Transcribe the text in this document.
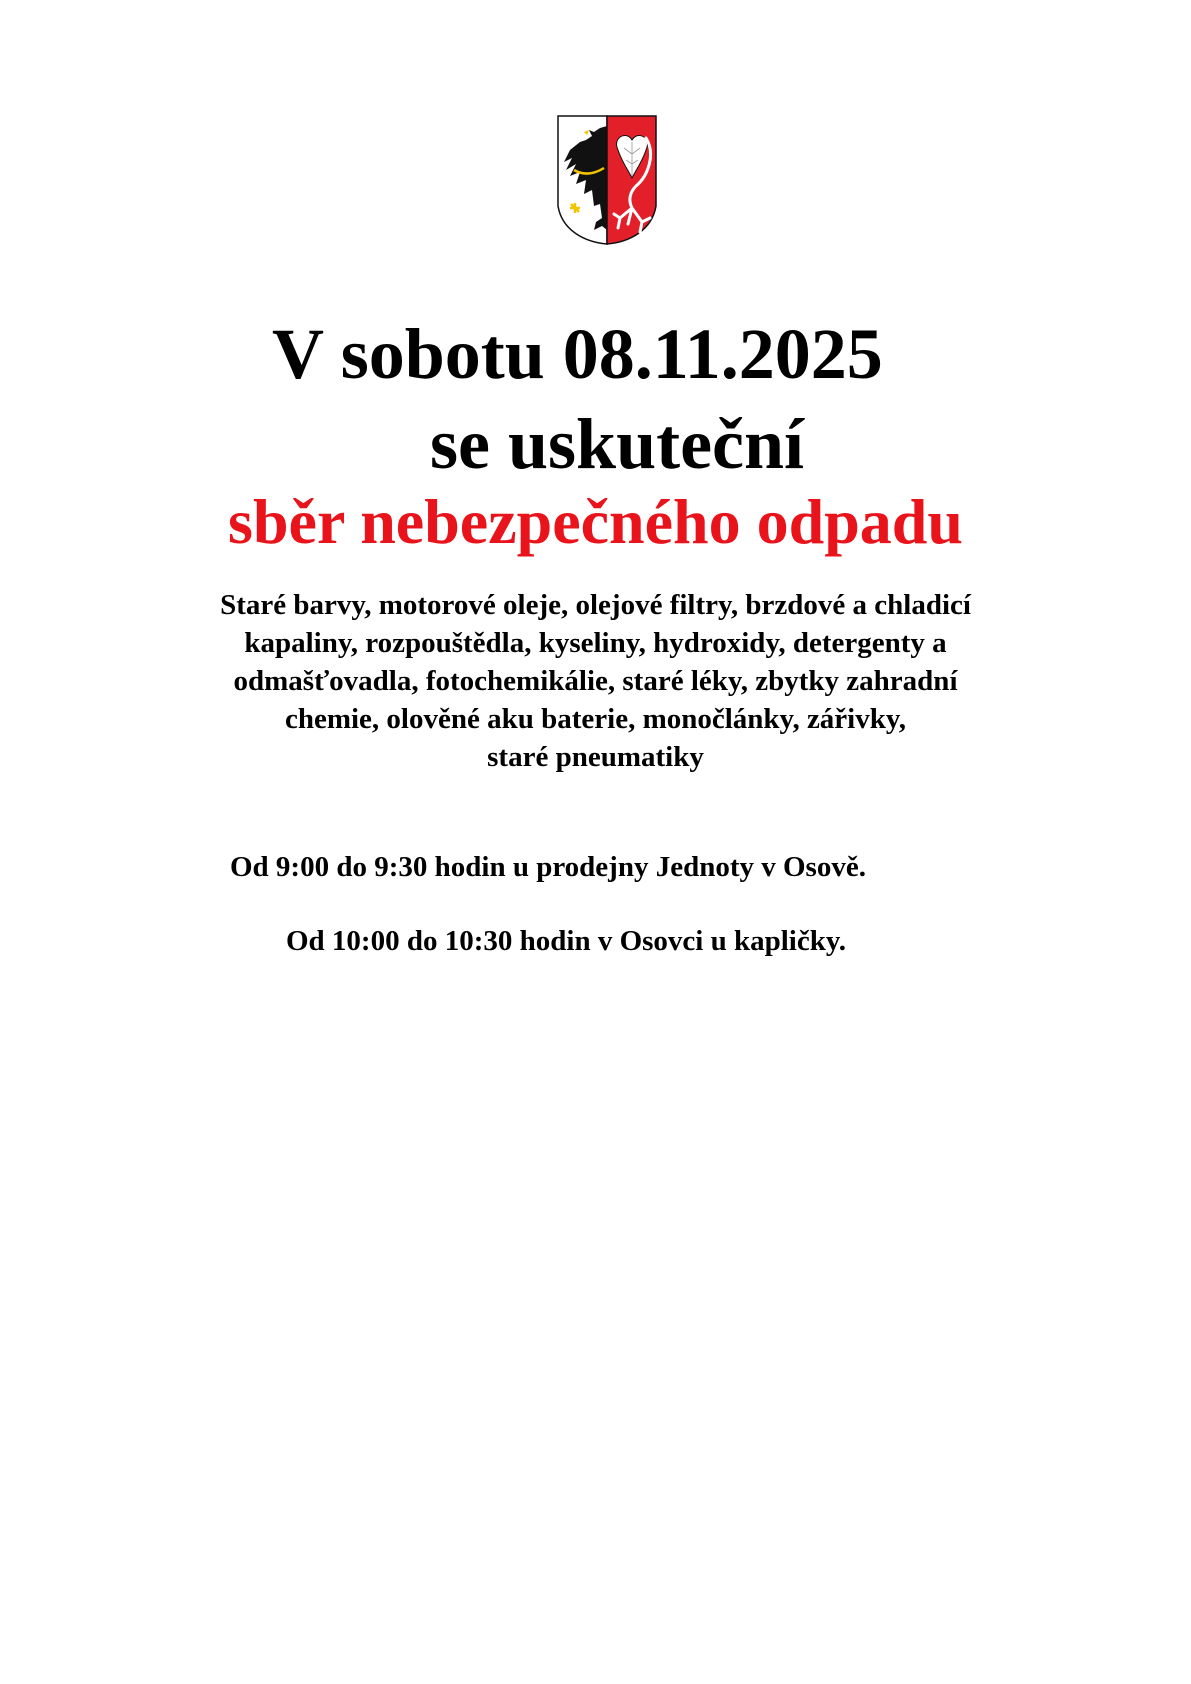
V sobotu 08.11.2025
se uskuteční
sběr nebezpečného odpadu
Staré barvy, motorové oleje, olejové filtry, brzdové a chladicí
kapaliny, rozpouštědla, kyseliny, hydroxidy, detergenty a
odmašťovadla, fotochemikálie, staré léky, zbytky zahradní
chemie, olověné aku baterie, monočlánky, zářivky,
staré pneumatiky

Od 9:00 do 9:30 hodin u prodejny Jednoty v Osově.

Od 10:00 do 10:30 hodin v Osovci u kapličky.
